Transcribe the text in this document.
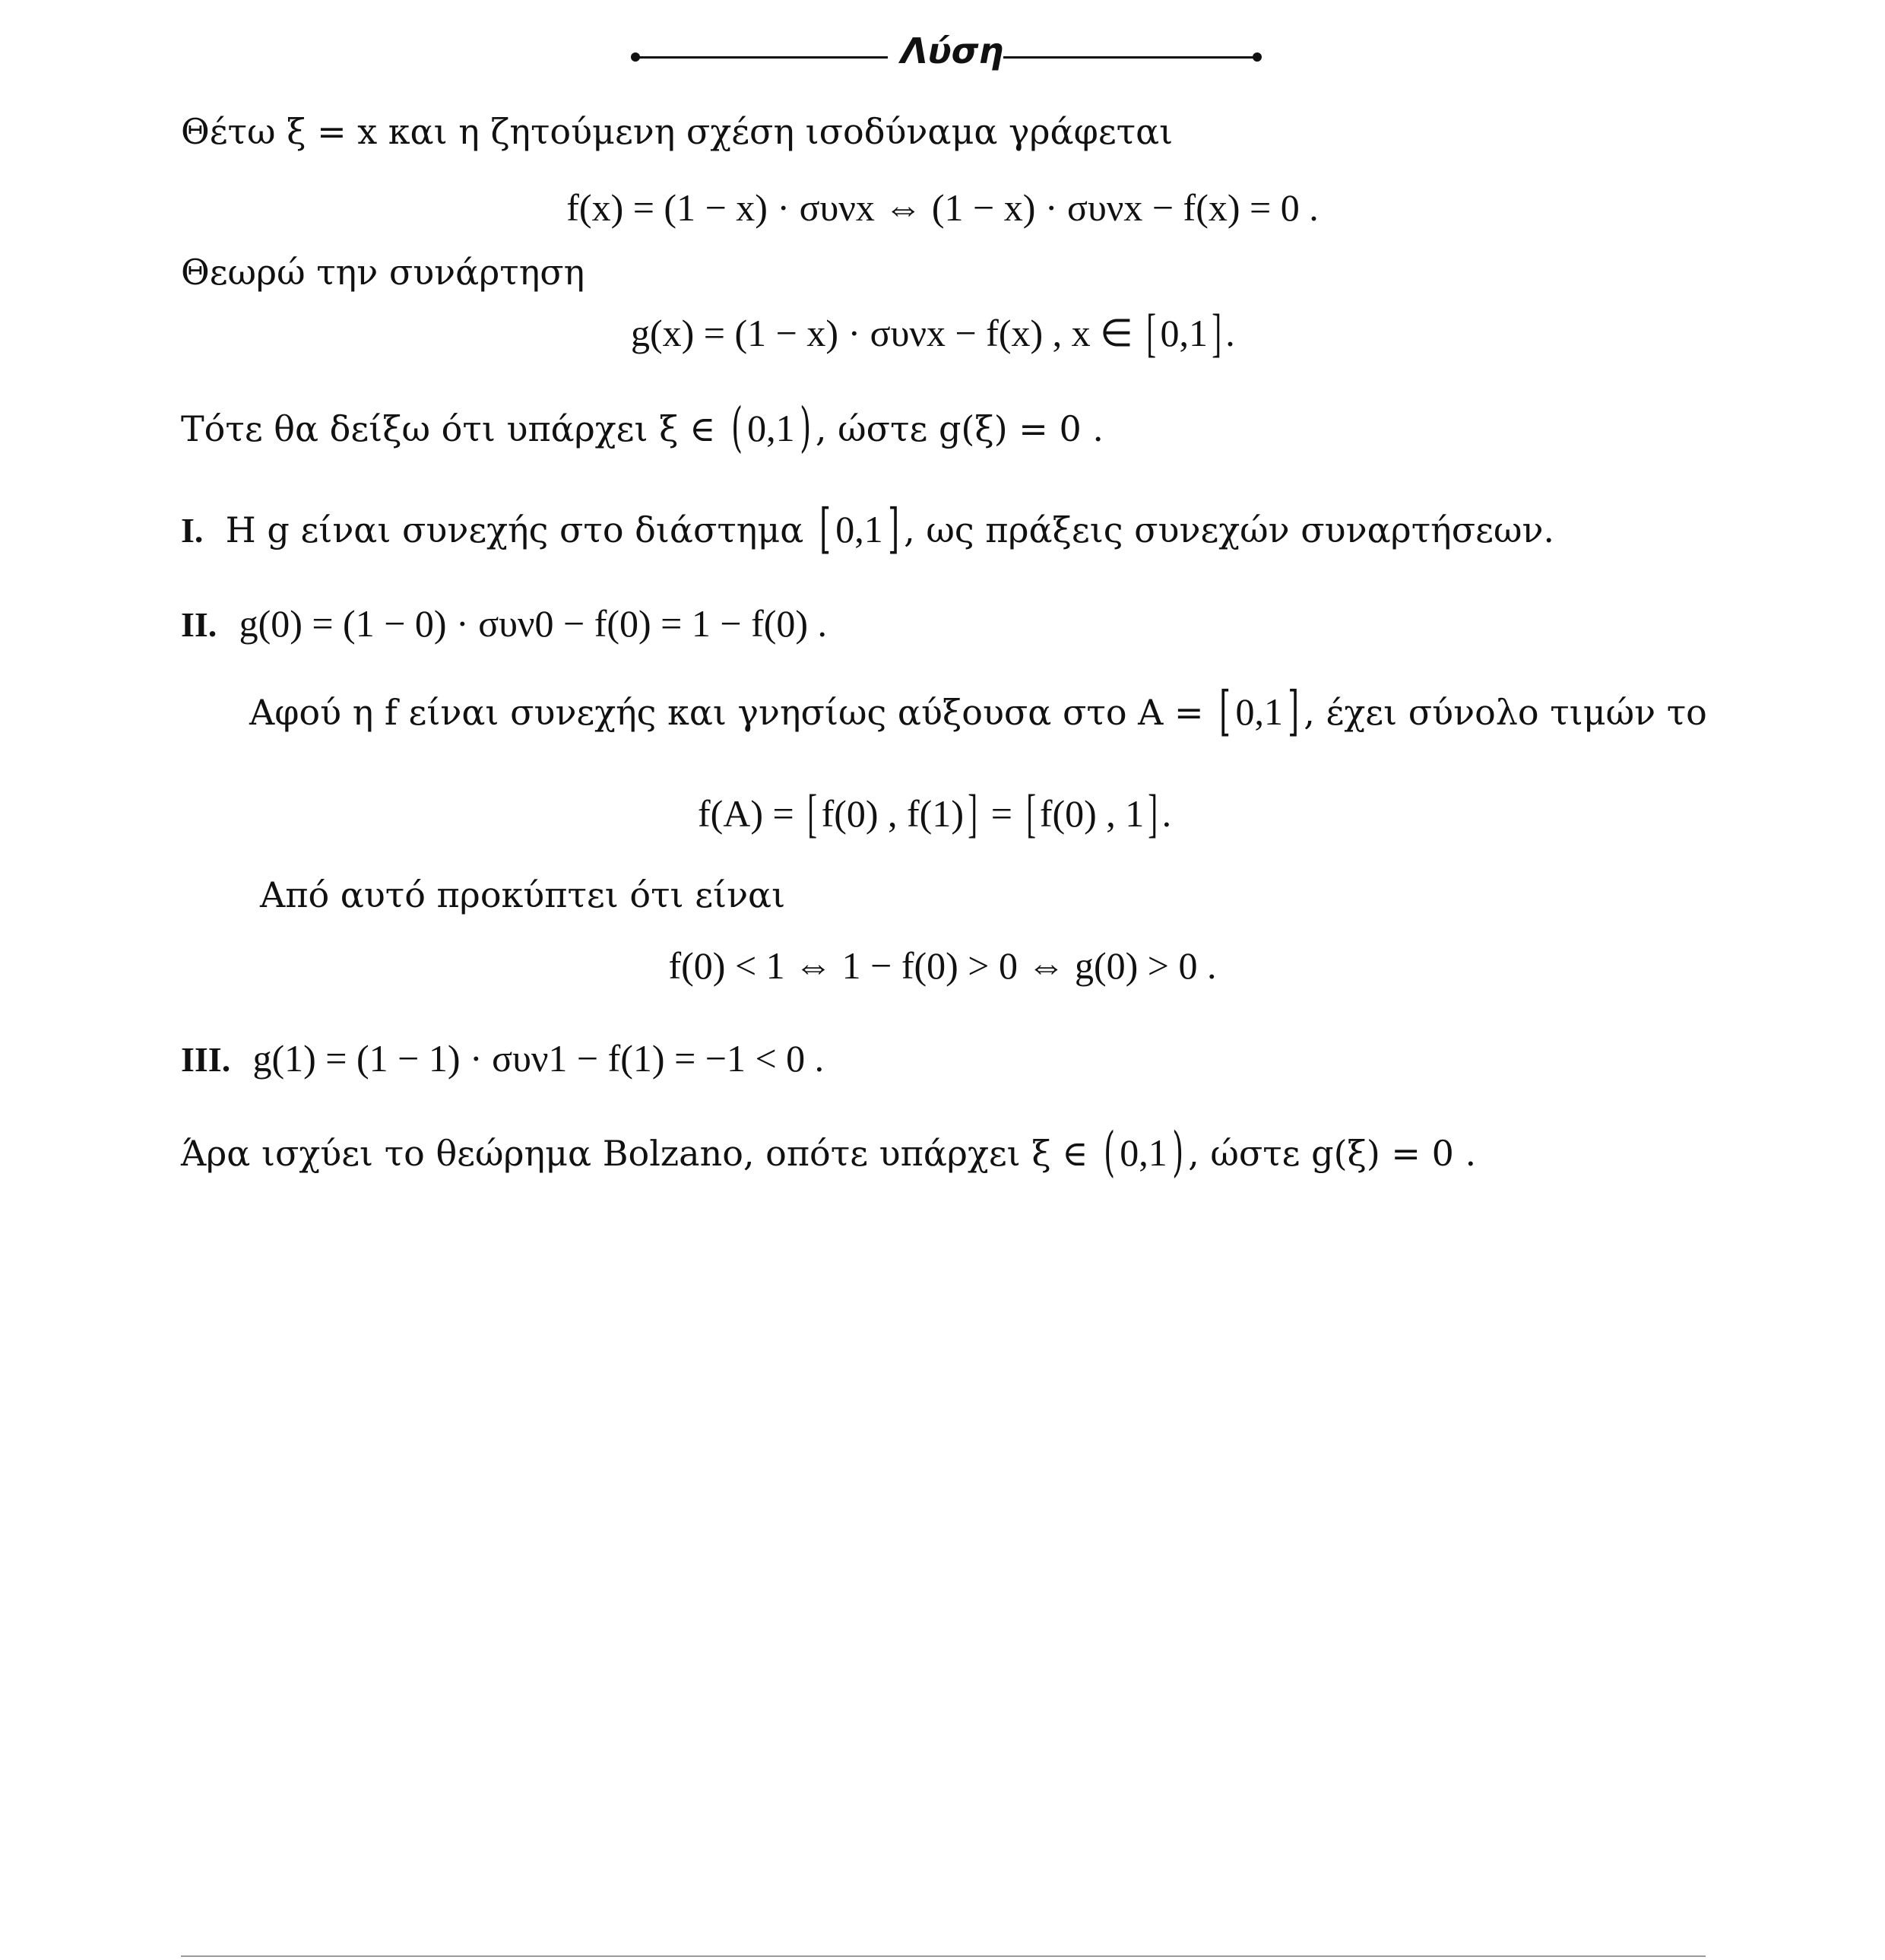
Λύση
Θέτω ξ = x και η ζητούμενη σχέση ισοδύναμα γράφεται
f(x) = (1 − x) · συνx ⇔ (1 − x) · συνx − f(x) = 0 .
Θεωρώ την συνάρτηση
g(x) = (1 − x) · συνx − f(x) , x ∈ [ 0,1] .
Τότε θα δείξω ότι υπάρχει ξ ∈ ( 0,1) , ώστε g(ξ) = 0 .
I. Η g είναι συνεχής στο διάστημα [ 0,1] , ως πράξεις συνεχών συναρτήσεων.
II. g(0) = (1 − 0) · συν0 − f(0) = 1 − f(0) .
Αφού η f είναι συνεχής και γνησίως αύξουσα στο A = [ 0,1] , έχει σύνολο τιμών το
f(A) = [ f(0) , f(1)] = [ f(0) , 1] .
Από αυτό προκύπτει ότι είναι
f(0) < 1 ⇔ 1 − f(0) > 0 ⇔ g(0) > 0 .
III. g(1) = (1 − 1) · συν1 − f(1) = −1 < 0 .
Άρα ισχύει το θεώρημα Bolzano, οπότε υπάρχει ξ ∈ ( 0,1) , ώστε g(ξ) = 0 .
